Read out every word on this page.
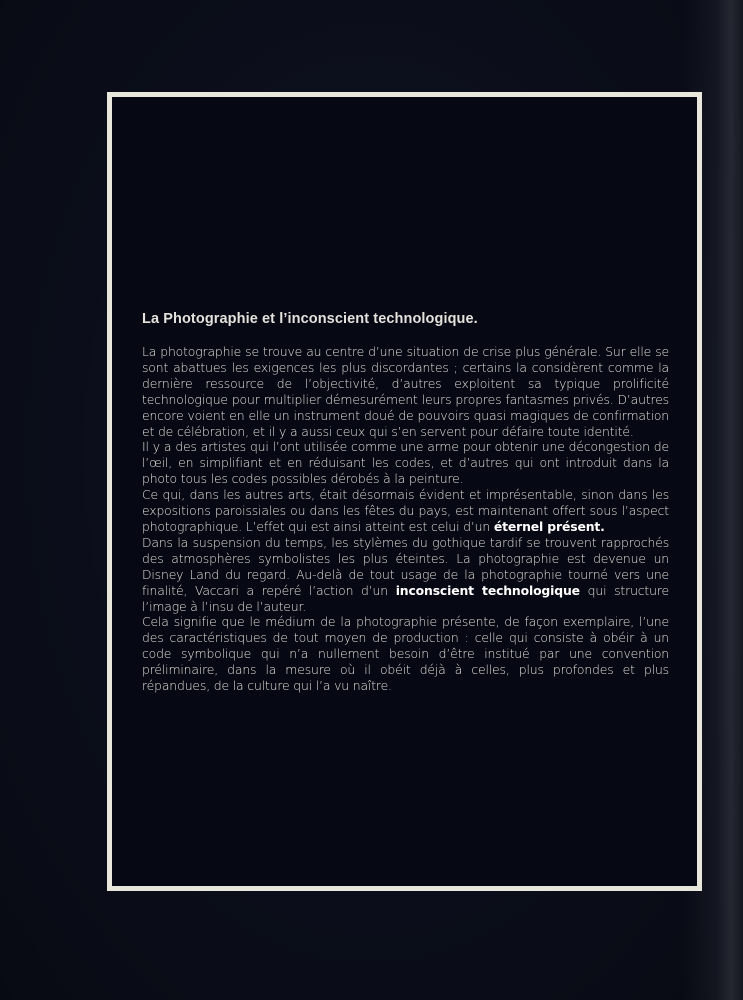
La Photographie et l’inconscient technologique.

La photographie se trouve au centre d’une situation de crise plus générale. Sur elle se sont abattues les exigences les plus discordantes ; certains la considèrent comme la dernière ressource de l’objectivité, d’autres exploitent sa typique prolificité technologique pour multiplier démesurément leurs propres fantasmes privés. D’autres encore voient en elle un instrument doué de pouvoirs quasi magiques de confirmation et de célébration, et il y a aussi ceux qui s’en servent pour défaire toute identité.

Il y a des artistes qui l’ont utilisée comme une arme pour obtenir une décongestion de l’œil, en simplifiant et en réduisant les codes, et d’autres qui ont introduit dans la photo tous les codes possibles dérobés à la peinture.

Ce qui, dans les autres arts, était désormais évident et imprésentable, sinon dans les expositions paroissiales ou dans les fêtes du pays, est maintenant offert sous l’aspect photographique. L’effet qui est ainsi atteint est celui d’un éternel présent.

Dans la suspension du temps, les stylèmes du gothique tardif se trouvent rapprochés des atmosphères symbolistes les plus éteintes. La photographie est devenue un Disney Land du regard. Au-delà de tout usage de la photographie tourné vers une finalité, Vaccari a repéré l’action d’un inconscient technologique qui structure l’image à l’insu de l’auteur.

Cela signifie que le médium de la photographie présente, de façon exemplaire, l’une des caractéristiques de tout moyen de production : celle qui consiste à obéir à un code symbolique qui n’a nullement besoin d’être institué par une convention préliminaire, dans la mesure où il obéit déjà à celles, plus profondes et plus répandues, de la culture qui l’a vu naître.
